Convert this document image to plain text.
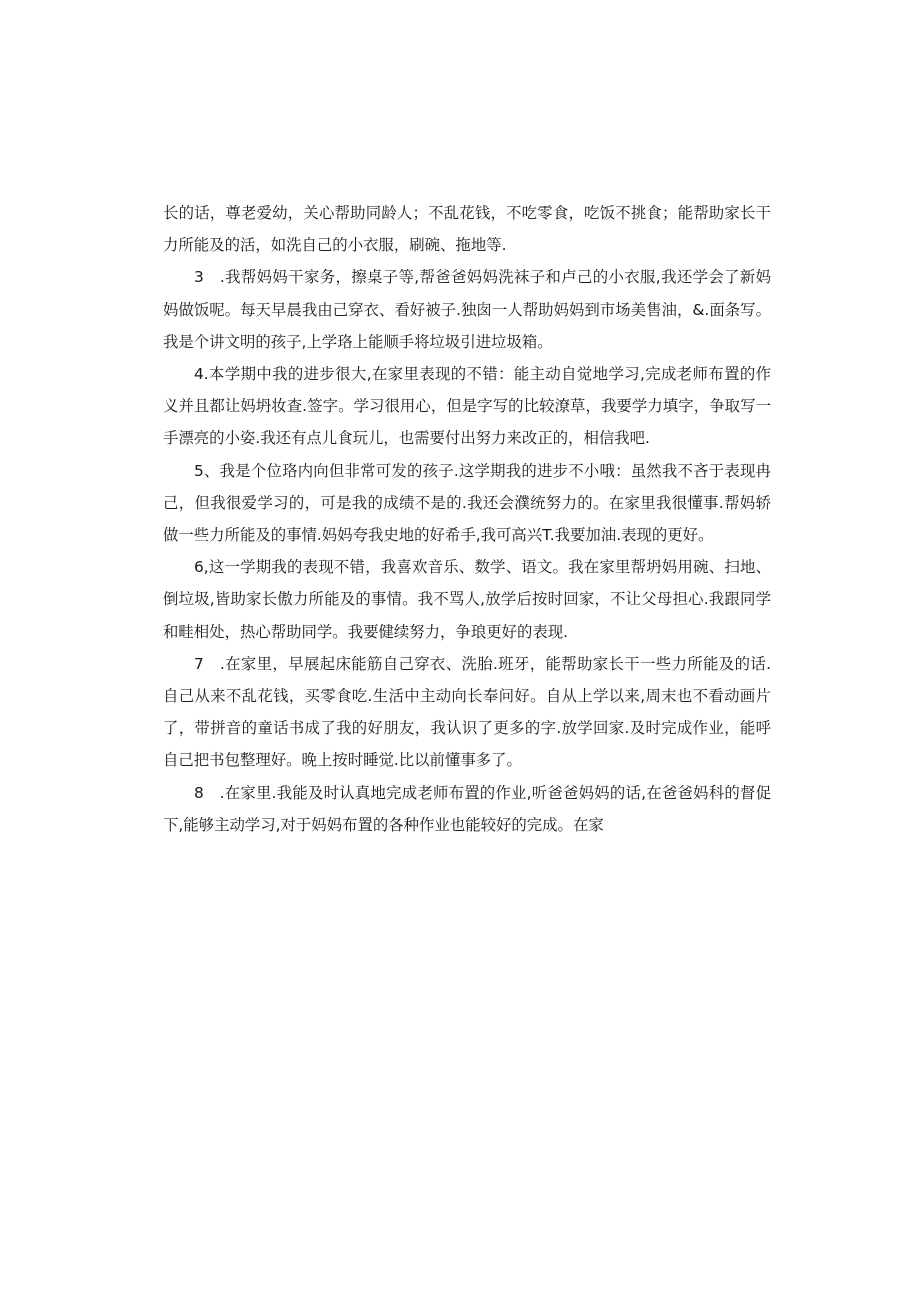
长的话，尊老爱幼，关心帮助同龄人；不乱花钱，不吃零食，吃饭不挑食；能帮助家长干力所能及的活，如洗自己的小衣服，刷碗、拖地等.

3　.我帮妈妈干家务，擦桌子等,帮爸爸妈妈洗袜子和卢己的小衣服,我还学会了新妈妈做饭呢。每天早晨我由己穿衣、看好被子.独囱一人帮助妈妈到市场美售油，&.面条写。我是个讲文明的孩子,上学珞上能顺手将垃圾引进垃圾箱。

4.本学期中我的进步很大,在家里表现的不错：能主动自觉地学习,完成老师布置的作义并且都让妈坍妆查.签字。学习很用心，但是字写的比较潦草，我要学力填字，争取写一手漂亮的小姿.我还有点儿食玩儿，也需要付出努力来改正的，相信我吧.

5、我是个位珞内向但非常可发的孩子.这学期我的进步不小哦：虽然我不吝于表现冉己，但我很爱学习的，可是我的成绩不是的.我还会濮统努力的。在家里我很懂事.帮妈轿做一些力所能及的事情.妈妈夸我史地的好希手,我可高兴T.我要加油.表现的更好。

6,这一学期我的表现不错，我喜欢音乐、数学、语文。我在家里帮坍妈用碗、扫地、倒垃圾,皆助家长傲力所能及的事情。我不骂人,放学后按时回家，不让父母担心.我跟同学和畦相处，热心帮助同学。我要健续努力，争琅更好的表现.

7　.在家里，早展起床能筋自己穿衣、洗胎.班牙，能帮助家长干一些力所能及的话.自己从来不乱花钱，买零食吃.生活中主动向长奉问好。自从上学以来,周末也不看动画片了，带拼音的童话书成了我的好朋友，我认识了更多的字.放学回家.及时完成作业，能呼自己把书包整理好。晚上按时睡觉.比以前懂事多了。

8　.在家里.我能及时认真地完成老师布置的作业,听爸爸妈妈的话,在爸爸妈科的督促下,能够主动学习,对于妈妈布置的各种作业也能较好的完成。在家
